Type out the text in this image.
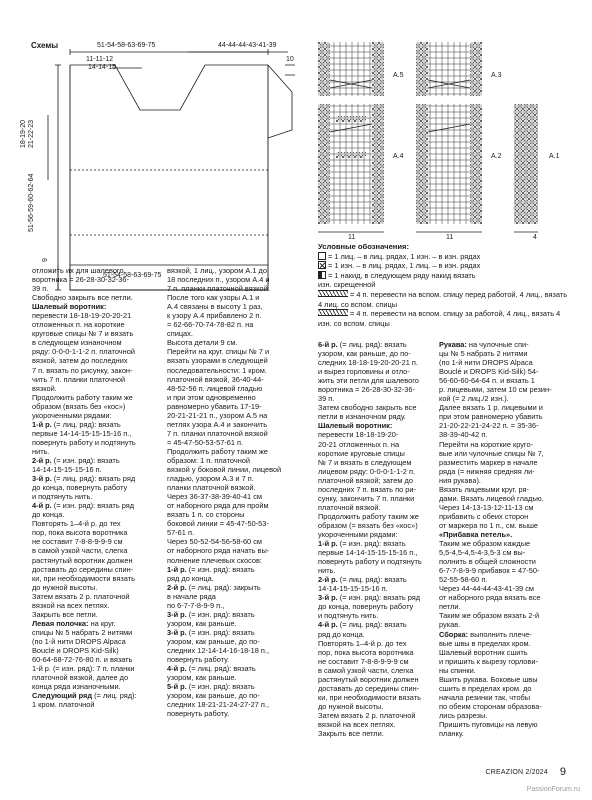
Схемы	51-54-58-63-69-75	44-44-44-43-41-39
11-11-12
14-14-15
10
18-19-20
21-22-23
51-56-59-60-62-64
9
51-54-58-63-69-75
A.5	A.3
A.4	A.2	A.1
11	11	4
Условные обозначения:
= 1 лиц. – в лиц. рядах, 1 изн. – в изн. рядах
= 1 изн. – в лиц. рядах, 1 лиц. – в изн. рядах
= 1 накид, в следующем ряду накид вязать
изн. скрещенной
= 4 п. перевести на вспом. спицу перед работой, 4 лиц., вязать 4 лиц. со вспом. спицы
= 4 п. перевести на вспом. спицу за работой, 4 лиц., вязать 4 изн. со вспом. спицы
отложить их для шалевого
воротника = 26-28-30-32-36-
39 п.
Свободно закрыть все петли.
Шалевый воротник:
перевести 18-18-19-20-20-21
отложенных п. на короткие
круговые спицы № 7 и вязать
в следующем изнаночном
ряду: 0-0-0-1-1-2 п. платочной
вязкой, затем до последних
7 п. вязать по рисунку, закон-
чить 7 п. планки платочной
вязкой.
Продолжить работу таким же
образом (вязать без «кос»)
укороченными рядами:
1-й р. (= лиц. ряд): вязать
первые 14-14-15-15-15-16 п.,
повернуть работу и подтянуть
нить.
2-й р. (= изн. ряд): вязать
14-14-15-15-15-16 п.
3-й р. (= лиц. ряд): вязать ряд
до конца, повернуть работу
и подтянуть нить.
4-й р. (= изн. ряд): вязать ряд
до конца.
Повторять 1–4-й р. до тех
пор, пока высота воротника
не составит 7-8-8-9-9-9 см
в самой узкой части, слегка
растянутый воротник должен
доставать до середины спин-
ки, при необходимости вязать
до нужной высоты.
Затем вязать 2 р. платочной
вязкой на всех петлях.
Закрыть все петли.
Левая полочка: на круг.
спицы № 5 набрать 2 нитями
(по 1-й нити DROPS Alpaca
Bouclé и DROPS Kid-Silk)
60-64-68-72-76-80 п. и вязать
1-й р. (= изн. ряд): 7 п. планки
платочной вязкой, далее до
конца ряда изнаночными.
Следующий ряд (= лиц. ряд):
1 кром. платочной
вязкой, 1 лиц., узором A.1 до
18 последних п., узором A.4 и
7 п. планки платочной вязкой.
После того как узоры A.1 и
A.4 связаны в высоту 1 раз,
к узору A.4 прибавлено 2 п.
= 62-66-70-74-78-82 п. на
спицах.
Высота детали 9 см.
Перейти на круг. спицы № 7 и
вязать узорами в следующей
последовательности: 1 кром.
платочной вязкой, 36-40-44-
48-52-56 п. лицевой гладью
и при этом одновременно
равномерно убавить 17-19-
20-21-21-21 п., узором A.5 на
петлях узора A.4 и закончить
7 п. планки платочной вязкой
= 45-47-50-53-57-61 п.
Продолжить работу таким же
образом: 1 п. платочной
вязкой у боковой линии, лицевой
гладью, узором A.3 и 7 п.
планки платочной вязкой.
Через 36-37-38-39-40-41 см
от наборного ряда для пройм
вязать 1 п. со стороны
боковой линии = 45-47-50-53-
57-61 п.
Через 50-52-54-56-58-60 см
от наборного ряда начать вы-
полнение плечевых скосов:
1-й р. (= изн. ряд): вязать
ряд до конца.
2-й р. (= лиц. ряд): закрыть
в начале ряда
по 6-7-7-8-9-9 п.,
3-й р. (= изн. ряд): вязать
узором, как раньше.
3-й р. (= изн. ряд): вязать
узором, как раньше, до по-
следних 12-14-14-16-18-18 п.,
повернуть работу.
4-й р. (= лиц. ряд): вязать
узором, как раньше.
5-й р. (= изн. ряд): вязать
узором, как раньше, до по-
следних 18-21-21-24-27-27 п.,
повернуть работу.
6-й р. (= лиц. ряд): вязать
узором, как раньше, до по-
следних 18-18-19-20-20-21 п.
и вырез горловины и отло-
жить эти петли для шалевого
воротника = 26-28-30-32-36-
39 п.
Затем свободно закрыть все
петли в изнаночном ряду.
Шалевый воротник:
перевести 18-18-19-20-
20-21 отложенных п. на
короткие круговые спицы
№ 7 и вязать в следующем
лицевом ряду: 0-0-0-1-1-2 п.
платочной вязкой; затем до
последних 7 п. вязать по ри-
сунку, закончить 7 п. планки
платочной вязкой.
Продолжить работу таким же
образом (= вязать без «кос»)
укороченными рядами:
1-й р. (= изн. ряд): вязать
первые 14-14-15-15-15-16 п.,
повернуть работу и подтянуть
нить.
2-й р. (= лиц. ряд): вязать
14-14-15-15-15-16 п.
3-й р. (= изн. ряд): вязать ряд
до конца, повернуть работу
и подтянуть нить.
4-й р. (= лиц. ряд): вязать
ряд до конца.
Повторять 1–4-й р. до тех
пор, пока высота воротника
не составит 7-8-8-9-9-9 см
в самой узкой части, слегка
растянутый воротник должен
доставать до середины спин-
ки, при необходимости вязать
до нужной высоты.
Затем вязать 2 р. платочной
вязкой на всех петлях.
Закрыть все петли.
Рукава: на чулочные спи-
цы № 5 набрать 2 нитями
(по 1-й нити DROPS Alpaca
Bouclé и DROPS Kid-Silk) 54-
56-60-60-64-64 п. и вязать 1
р. лицевыми, затем 10 см резин-
кой (= 2 лиц./2 изн.).
Далее вязать 1 р. лицевыми и
при этом равномерно убавить
21-20-22-21-24-22 п. = 35-36-
38-39-40-42 п.
Перейти на короткие круго-
вые или чулочные спицы № 7,
разместить маркер в начале
ряда (= нижняя средняя ли-
ния рукава).
Вязать лицевыми круг. ря-
дами. Вязать лицевой гладью.
Через 14-13-13-12-11-13 см
прибавить с обеих сторон
от маркера по 1 п., см. выше
«Прибавка петель».
Таким же образом каждые
5,5-4,5-4,5-4-3,5-3 см вы-
полнить в общей сложности
6-7-7-8-9-9 прибавок = 47-50-
52-55-58-60 п.
Через 44-44-44-43-41-39 см
от наборного ряда вязать все
петли.
Таким же образом вязать 2-й
рукав.
Сборка: выполнить плече-
вые швы в пределах кром.
Шалевый воротник сшить
и пришить к вырезу горлови-
ны спинки.
Вшить рукава. Боковые швы
сшить в пределах кром. до
начала резинки так, чтобы
по обеим сторонам образова-
лись разрезы.
Пришить пуговицы на левую
планку.
CREAZION 2/2024 9
PassionForum.ru
